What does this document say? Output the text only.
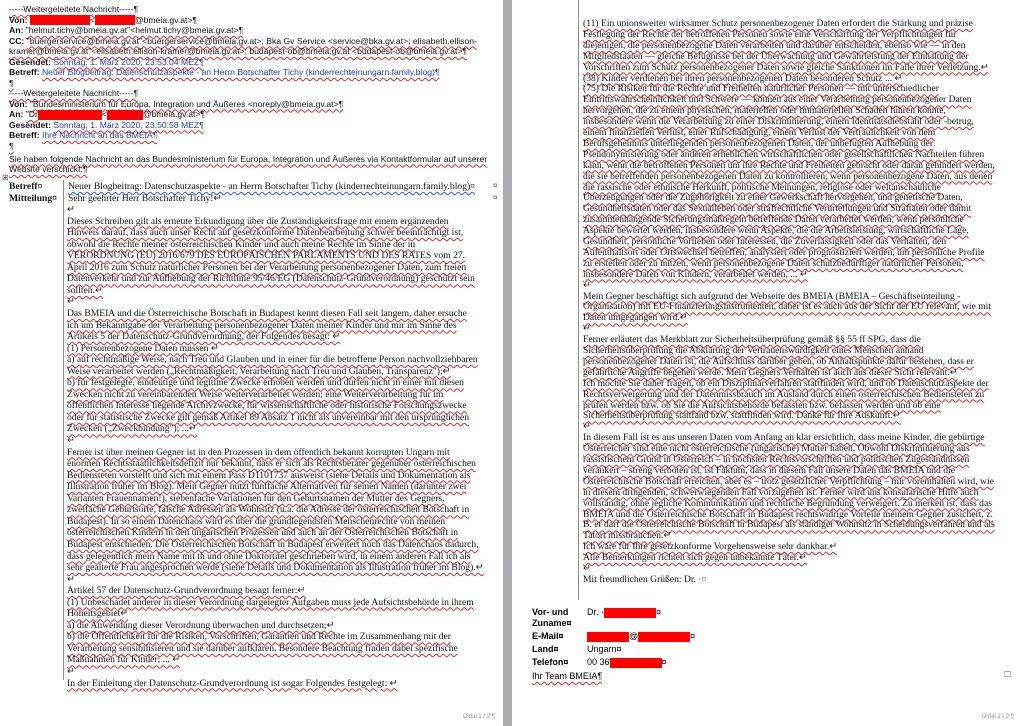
-----Weitergeleitete Nachricht-----¶
Von:	<	@bmeia.gv.at>¶
An: "helmut.tichy@bmeia.gv.at"<helmut.tichy@bmeia.gv.at>¶
CC: "buergerservice@bmeia.gv.at"<buergerservice@bmeia.gv.at>; Bka Gv Service <service@bka.gv.at>; elisabeth.ellison-
kramer@bmeia.gv.at"<elisabeth.ellison-kramer@bmeia.gv.at>; budapest-ob@bmeia.gv.at <budapest-ob@bmeia.gv.at>¶
Gesendet: Sonntag, 1. März 2020, 23:53:04 MEZ¶
Betreff: Neuer Blogbeitrag: Datenschutzaspekte - an Herrn Botschafter Tichy (kinderrechteinungarn.family.blog)¶
¶
-----Weitergeleitete Nachricht-----¶
Von: "Bundesministerium für Europa, Integration und Äußeres <noreply@bmeia.gv.at>¶
An: "Dr	<	@bmeia.gv.at>¶
Gesendet: Sonntag, 1. März 2020, 23:50:58 MEZ¶
Betreff: Ihre Nachricht an das BMEIA¶
¶
Sie haben folgende Nachricht an das Bundesministerium für Europa, Integration und Äußeres via Kontaktformular auf unserer
Website verschickt:¶
⊞
Betreff¤	Neuer Blogbeitrag: Datenschutzaspekte - an Herrn Botschafter Tichy (kinderrechteinungarn.family.blog)¤
Mitteilung¤ Sehr geehrter Herr Botschafter Tichy!↵
¤
¤
↵
Dieses Schreiben gilt als erneute Erkundigung über die Zuständigkeitsfrage mit einem ergänzenden
Hinweis darauf, dass auch unser Recht auf gesetzkonforme Datenbearbeitung schwer beeinträchtigt ist,
obwohl die Rechte meiner österreichischen Kinder und auch meine Rechte im Sinne der in
VERORDNUNG (EU) 2016/679 DES EUROPÄISCHEN PARLAMENTS UND DES RATES vom 27.
April 2016 zum Schutz natürlicher Personen bei der Verarbeitung personenbezogener Daten, zum freien
Datenverkehr und zur Aufhebung der Richtlinie 95/46/EG (Datenschutz-Grundverordnung) geschützt sein
sollten.↵
↵
Das BMEIA und die Österreichische Botschaft in Budapest kennt diesen Fall seit langem, daher ersuche
ich um Bekanntgabe der Verarbeitung personenbezogener Daten meiner Kinder und mir im Sinne des
Artikels 5 der Datenschutz-Grundverordnung, der Folgendes besagt: ↵
(1) Personenbezogene Daten müssen ↵
a) auf rechtmäßige Weise, nach Treu und Glauben und in einer für die betroffene Person nachvollziehbaren
Weise verarbeitet werden („Rechtmäßigkeit, Verarbeitung nach Treu und Glauben, Transparenz");↵
b) für festgelegte, eindeutige und legitime Zwecke erhoben werden und dürfen nicht in einer mit diesen
Zwecken nicht zu vereinbarenden Weise weiterverarbeitet werden; eine Weiterverarbeitung für im
öffentlichen Interesse liegende Archivzwecke, für wissenschaftliche oder historische Forschungszwecke
oder für statistische Zwecke gilt gemäß Artikel 89 Absatz 1 nicht als unvereinbar mit den ursprünglichen
Zwecken („Zweckbindung"); ...↵
↵
Ferner ist über meinen Gegner ist in den Prozessen in dem öffentlich bekannt korrupten Ungarn mit
enormen Rechtsstaatlichkeitsdefizit nur bekannt, dass er sich als Rechtsberater gegenüber österreichischen
Bediensteten vorstellt und sich mit einem Pass D1101737 ausweist (siehe Details und Dokumentation als
Illustration früher im Blog). Mein Gegner nutzt fünffache Alternativen für seinen Namen (darunter zwei
Varianten Frauennamen!), siebenfache Variationen für den Geburtsnamen der Mutter des Gegners,
zweifache Geburtsorte, falsche Adressen als Wohnsitz (u.a. die Adresse der österreichischen Botschaft in
Budapest). In so einem Datenchaos wird es über die grundlegendsten Menschenrechte von meinen
österreichischen Kindern in den ungarischen Prozessen und auch an der Österreichischen Botschaft in
Budapest entschieden. Die Österreichischen Botschaft in Budapest erweitert noch das Datenchaos dadurch,
dass gelegentlich mein Name mit th und ohne Doktortitel geschrieben wird, in einem anderen Fall ich als
sehr gealterte Frau angesprochen werde (siehe Details und Dokumentation als Illustration früher im Blog).↵
↵
Artikel 57 der Datenschutz-Grundverordnung besagt ferner:↵
(1) Unbeschadet anderer in dieser Verordnung dargelegter Aufgaben muss jede Aufsichtsbehörde in ihrem
Hoheitsgebiet↵
a) die Anwendung dieser Verordnung überwachen und durchsetzen;↵
b) die Öffentlichkeit für die Risiken, Vorschriften, Garantien und Rechte im Zusammenhang mit der
Verarbeitung sensibilisieren und sie darüber aufklären. Besondere Beachtung finden dabei spezifische
Maßnahmen für Kinder; ... ↵
↵
In der Einleitung der Datenschutz-Grundverordnung ist sogar Folgendes festgelegt: ↵
Oldal 1 / 2 ¶
(11) Ein unionsweiter wirksamer Schutz personenbezogener Daten erfordert die Stärkung und präzise
Festlegung der Rechte der betroffenen Personen sowie eine Verschärfung der Verpflichtungen für
diejenigen, die personenbezogene Daten verarbeiten und darüber entscheiden, ebenso wie — in den
Mitgliedstaaten — gleiche Befugnisse bei der Überwachung und Gewährleistung der Einhaltung der
Vorschriften zum Schutz personenbezogener Daten sowie gleiche Sanktionen im Falle ihrer Verletzung.↵
(38) Kinder verdienen bei ihren personenbezogenen Daten besonderen Schutz ... ↵
(75) Die Risiken für die Rechte und Freiheiten natürlicher Personen — mit unterschiedlicher
Eintrittswahrscheinlichkeit und Schwere — können aus einer Verarbeitung personenbezogener Daten
hervorgehen, die zu einem physischen, materiellen oder immateriellen Schaden führen könnte,
insbesondere wenn die Verarbeitung zu einer Diskriminierung, einem Identitätsdiebstahl oder -betrug,
einem finanziellen Verlust, einer Rufschädigung, einem Verlust der Vertraulichkeit von dem
Berufsgeheimnis unterliegenden personenbezogenen Daten, der unbefugten Aufhebung der
Pseudonymisierung oder anderen erheblichen wirtschaftlichen oder gesellschaftlichen Nachteilen führen
kann, wenn die betroffenen Personen um ihre Rechte und Freiheiten gebracht oder daran gehindert werden,
die sie betreffenden personenbezogenen Daten zu kontrollieren, wenn personenbezogene Daten, aus denen
die rassische oder ethnische Herkunft, politische Meinungen, religiöse oder weltanschauliche
Überzeugungen oder die Zugehörigkeit zu einer Gewerkschaft hervorgehen, und genetische Daten,
Gesundheitsdaten oder das Sexualleben oder strafrechtliche Verurteilungen und Straftaten oder damit
zusammenhängende Sicherungsmaßregeln betreffende Daten verarbeitet werden, wenn persönliche
Aspekte bewertet werden, insbesondere wenn Aspekte, die die Arbeitsleistung, wirtschaftliche Lage,
Gesundheit, persönliche Vorlieben oder Interessen, die Zuverlässigkeit oder das Verhalten, den
Aufenthaltsort oder Ortswechsel betreffen, analysiert oder prognostiziert werden, um persönliche Profile
zu erstellen oder zu nutzen, wenn personenbezogene Daten schutzbedürftiger natürlicher Personen,
insbesondere Daten von Kindern, verarbeitet werden, ... ↵
↵
Mein Gegner beschäftigt sich aufgrund der Webseite des BMEIA (BMEIA – Geschäftseinteilung -
Organisation) mit EU-Finanzierungsinstrumenten, daher ist es auch aus der Sicht der EU relevant, wie mit
Daten umgegangen wird.↵
↵
Ferner erläutert das Merkblatt zur Sicherheitsüberprüfung gemäß §§ 55 ff SPG, dass die
Sicherheitsüberprüfung die Abklärung der Vertrauenswürdigkeit eines Menschen anhand
personenbezogener Daten ist, die Aufschluss darüber geben, ob Anhaltspunkte dafür bestehen, dass er
gefährliche Angriffe begehen werde. Mein Gegners Verhalten ist auch aus dieser Sicht relevant.↵
Ich möchte Sie daher fragen, ob ein Disziplinarverfahren stattfinden wird, und ob Datenschutzaspekte der
Rechtsverweigerung und der Datenmissbrauch im Ausland durch einen österreichischen Bediensteten zu
prüfen werden bzw. ob Sie die Aufsichtsbehörde befassten bzw. befassen werden und ob eine
Sicherheitsüberprüfung stattfand bzw. stattfinden wird. Danke für Ihre Auskunft.↵
↵
In diesem Fall ist es aus unseren Daten vom Anfang an klar ersichtlich, dass meine Kinder, die gebürtige
Österreicher sind eine nicht österreichische (ungarische) Mutter haben. Obwohl Diskriminierung aus
rassistischem Grund in Österreich – in höchsten Rechtsvorschriften und politischen Zugeständnissen
verankert – streng verboten ist, ist Faktum, dass in diesem Fall unsere Daten das BMEIA und die
Österreichische Botschaft erreichen, aber es – trotz gesetzlicher Verpflichtung – mir vorenthalten wird, wie
in diesem dringenden, schwerwiegenden Fall vorzugehen ist. Ferner wird uns konsularische Hilfe auch
vollständig, ohne jegliche Kommunikation und rechtliche Begründung verweigert. Zu merken ist, dass das
BMEIA und die Österreichische Botschaft in Budapest rechtswidrige Vorteile meinem Gegner zusichert, z.
B. er darf die Österreichische Botschaft in Budapest als ständiger Wohnsitz in Scheidungsverfahren und als
Tatort missbrauchen.↵
Ich wäre für Ihre gesetzkonforme Vorgehensweise sehr dankbar.↵
Alle Bemerkungen richten sich gegen unbekannte Täter.↵
↵
Mit freundlichen Grüßen: Dr. ·¤
Vor- und
Zuname¤
Dr. ·	¤
E-Mail¤	@	¤
Land¤	Ungarn¤
Telefon¤ 00 36	¤
Ihr Team BMEIA¶
Oldal 2 / 2 ¶
☐
